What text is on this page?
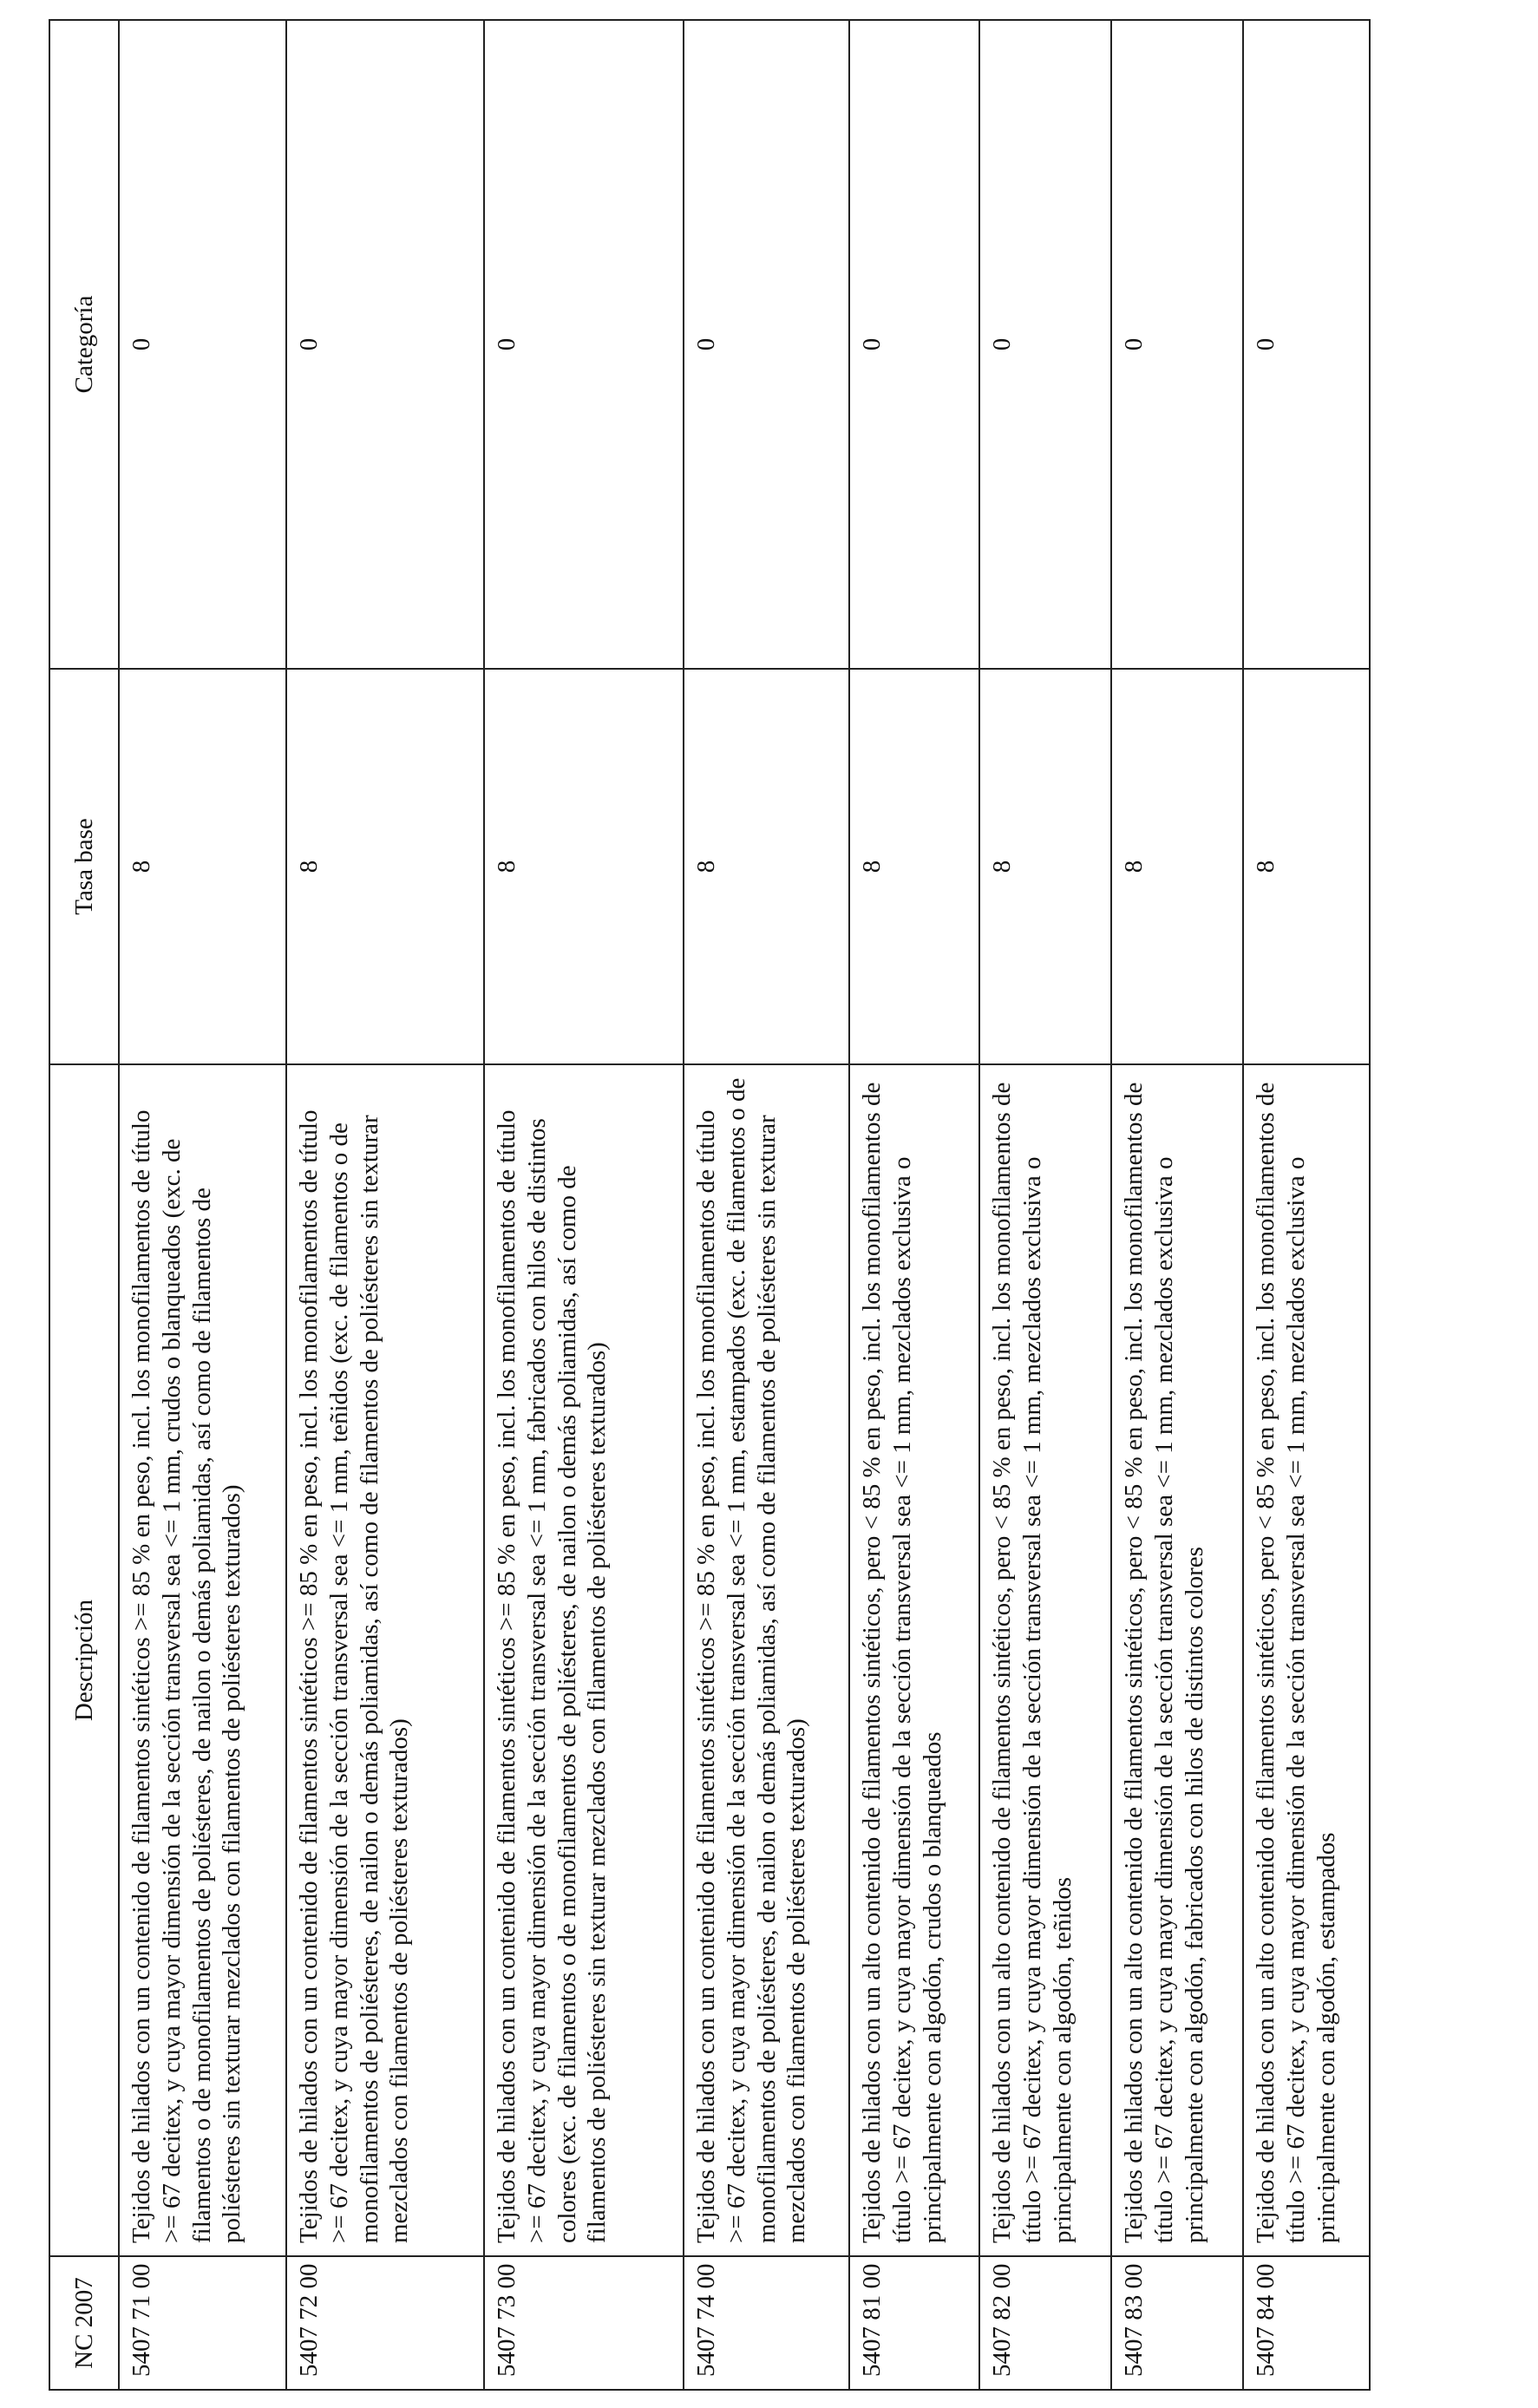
NC 2007	Descripción	Tasa base	Categoría
5407 71 00	Tejidos de hilados con un contenido de filamentos sintéticos >= 85 % en peso, incl. los monofilamentos de título >= 67 decitex, y cuya mayor dimensión de la sección transversal sea <= 1 mm, crudos o blanqueados (exc. de filamentos o de monofilamentos de poliésteres, de nailon o demás poliamidas, así como de filamentos de poliésteres sin texturar mezclados con filamentos de poliésteres texturados)	8	0
5407 72 00	Tejidos de hilados con un contenido de filamentos sintéticos >= 85 % en peso, incl. los monofilamentos de título >= 67 decitex, y cuya mayor dimensión de la sección transversal sea <= 1 mm, teñidos (exc. de filamentos o de monofilamentos de poliésteres, de nailon o demás poliamidas, así como de filamentos de poliésteres sin texturar mezclados con filamentos de poliésteres texturados)	8	0
5407 73 00	Tejidos de hilados con un contenido de filamentos sintéticos >= 85 % en peso, incl. los monofilamentos de título >= 67 decitex, y cuya mayor dimensión de la sección transversal sea <= 1 mm, fabricados con hilos de distintos colores (exc. de filamentos o de monofilamentos de poliésteres, de nailon o demás poliamidas, así como de filamentos de poliésteres sin texturar mezclados con filamentos de poliésteres texturados)	8	0
5407 74 00	Tejidos de hilados con un contenido de filamentos sintéticos >= 85 % en peso, incl. los monofilamentos de título >= 67 decitex, y cuya mayor dimensión de la sección transversal sea <= 1 mm, estampados (exc. de filamentos o de monofilamentos de poliésteres, de nailon o demás poliamidas, así como de filamentos de poliésteres sin texturar mezclados con filamentos de poliésteres texturados)	8	0
5407 81 00	Tejidos de hilados con un alto contenido de filamentos sintéticos, pero < 85 % en peso, incl. los monofilamentos de título >= 67 decitex, y cuya mayor dimensión de la sección transversal sea <= 1 mm, mezclados exclusiva o principalmente con algodón, crudos o blanqueados	8	0
5407 82 00	Tejidos de hilados con un alto contenido de filamentos sintéticos, pero < 85 % en peso, incl. los monofilamentos de título >= 67 decitex, y cuya mayor dimensión de la sección transversal sea <= 1 mm, mezclados exclusiva o principalmente con algodón, teñidos	8	0
5407 83 00	Tejidos de hilados con un alto contenido de filamentos sintéticos, pero < 85 % en peso, incl. los monofilamentos de título >= 67 decitex, y cuya mayor dimensión de la sección transversal sea <= 1 mm, mezclados exclusiva o principalmente con algodón, fabricados con hilos de distintos colores	8	0
5407 84 00	Tejidos de hilados con un alto contenido de filamentos sintéticos, pero < 85 % en peso, incl. los monofilamentos de título >= 67 decitex, y cuya mayor dimensión de la sección transversal sea <= 1 mm, mezclados exclusiva o principalmente con algodón, estampados	8	0
